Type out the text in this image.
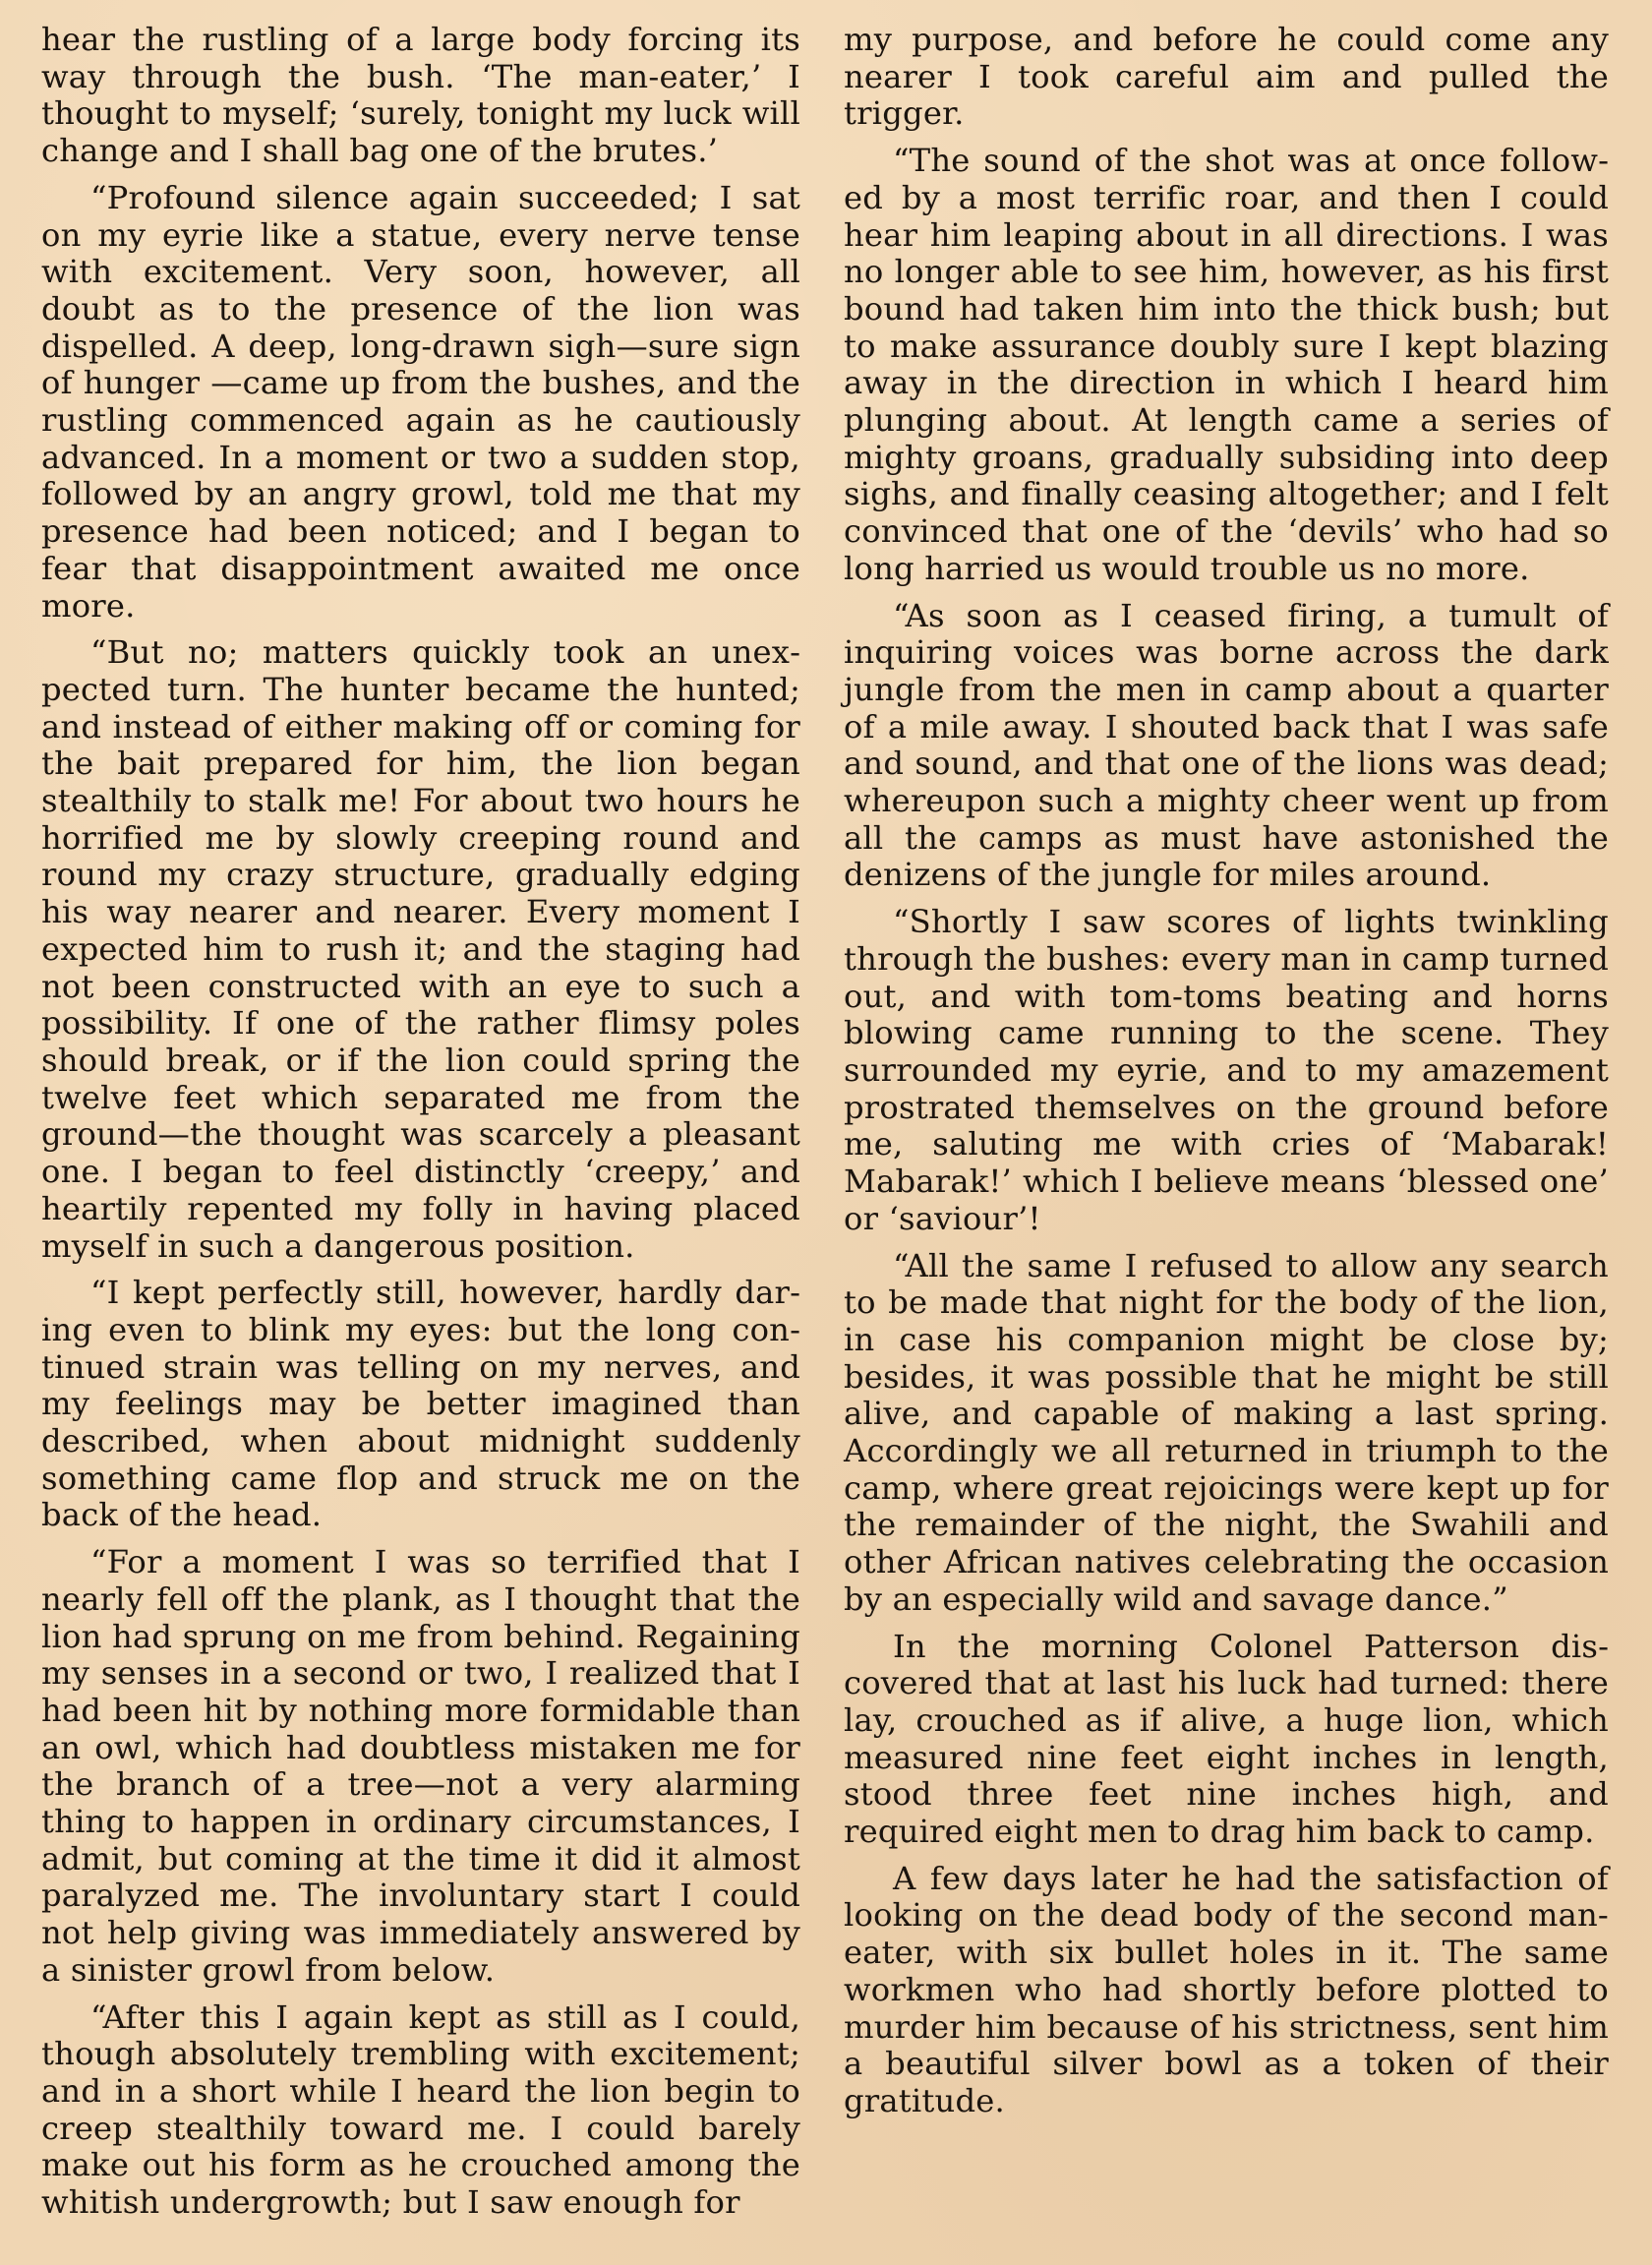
hear the rustling of a large body forcing its way through the bush. ‘The man-eater,’ I thought to myself; ‘surely, tonight my luck will change and I shall bag one of the brutes.’

“Profound silence again succeeded; I sat on my eyrie like a statue, every nerve tense with excitement. Very soon, however, all doubt as to the presence of the lion was dispelled. A deep, long-drawn sigh—sure sign of hunger —came up from the bushes, and the rustling commenced again as he cautiously advanced. In a moment or two a sudden stop, followed by an angry growl, told me that my presence had been noticed; and I began to fear that disappointment awaited me once more.

“But no; matters quickly took an unexpected turn. The hunter became the hunted; and instead of either making off or coming for the bait prepared for him, the lion began stealthily to stalk me! For about two hours he horrified me by slowly creeping round and round my crazy structure, gradually edging his way nearer and nearer. Every moment I expected him to rush it; and the staging had not been constructed with an eye to such a possibility. If one of the rather flimsy poles should break, or if the lion could spring the twelve feet which separated me from the ground—the thought was scarcely a pleasant one. I began to feel distinctly ‘creepy,’ and heartily repented my folly in having placed myself in such a dangerous position.

“I kept perfectly still, however, hardly daring even to blink my eyes: but the long continued strain was telling on my nerves, and my feelings may be better imagined than described, when about midnight suddenly something came flop and struck me on the back of the head.

“For a moment I was so terrified that I nearly fell off the plank, as I thought that the lion had sprung on me from behind. Regaining my senses in a second or two, I realized that I had been hit by nothing more formidable than an owl, which had doubtless mistaken me for the branch of a tree—not a very alarming thing to happen in ordinary circumstances, I admit, but coming at the time it did it almost paralyzed me. The involuntary start I could not help giving was immediately answered by a sinister growl from below.

“After this I again kept as still as I could, though absolutely trembling with excitement; and in a short while I heard the lion begin to creep stealthily toward me. I could barely make out his form as he crouched among the whitish undergrowth; but I saw enough for

my purpose, and before he could come any nearer I took careful aim and pulled the trigger.

“The sound of the shot was at once followed by a most terrific roar, and then I could hear him leaping about in all directions. I was no longer able to see him, however, as his first bound had taken him into the thick bush; but to make assurance doubly sure I kept blazing away in the direction in which I heard him plunging about. At length came a series of mighty groans, gradually subsiding into deep sighs, and finally ceasing altogether; and I felt convinced that one of the ‘devils’ who had so long harried us would trouble us no more.

“As soon as I ceased firing, a tumult of inquiring voices was borne across the dark jungle from the men in camp about a quarter of a mile away. I shouted back that I was safe and sound, and that one of the lions was dead; whereupon such a mighty cheer went up from all the camps as must have astonished the denizens of the jungle for miles around.

“Shortly I saw scores of lights twinkling through the bushes: every man in camp turned out, and with tom-toms beating and horns blowing came running to the scene. They surrounded my eyrie, and to my amazement prostrated themselves on the ground before me, saluting me with cries of ‘Mabarak! Mabarak!’ which I believe means ‘blessed one’ or ‘saviour’!

“All the same I refused to allow any search to be made that night for the body of the lion, in case his companion might be close by; besides, it was possible that he might be still alive, and capable of making a last spring. Accordingly we all returned in triumph to the camp, where great rejoicings were kept up for the remainder of the night, the Swahili and other African natives celebrating the occasion by an especially wild and savage dance.”

In the morning Colonel Patterson discovered that at last his luck had turned: there lay, crouched as if alive, a huge lion, which measured nine feet eight inches in length, stood three feet nine inches high, and required eight men to drag him back to camp.

A few days later he had the satisfaction of looking on the dead body of the second man-eater, with six bullet holes in it. The same workmen who had shortly before plotted to murder him because of his strictness, sent him a beautiful silver bowl as a token of their gratitude.
